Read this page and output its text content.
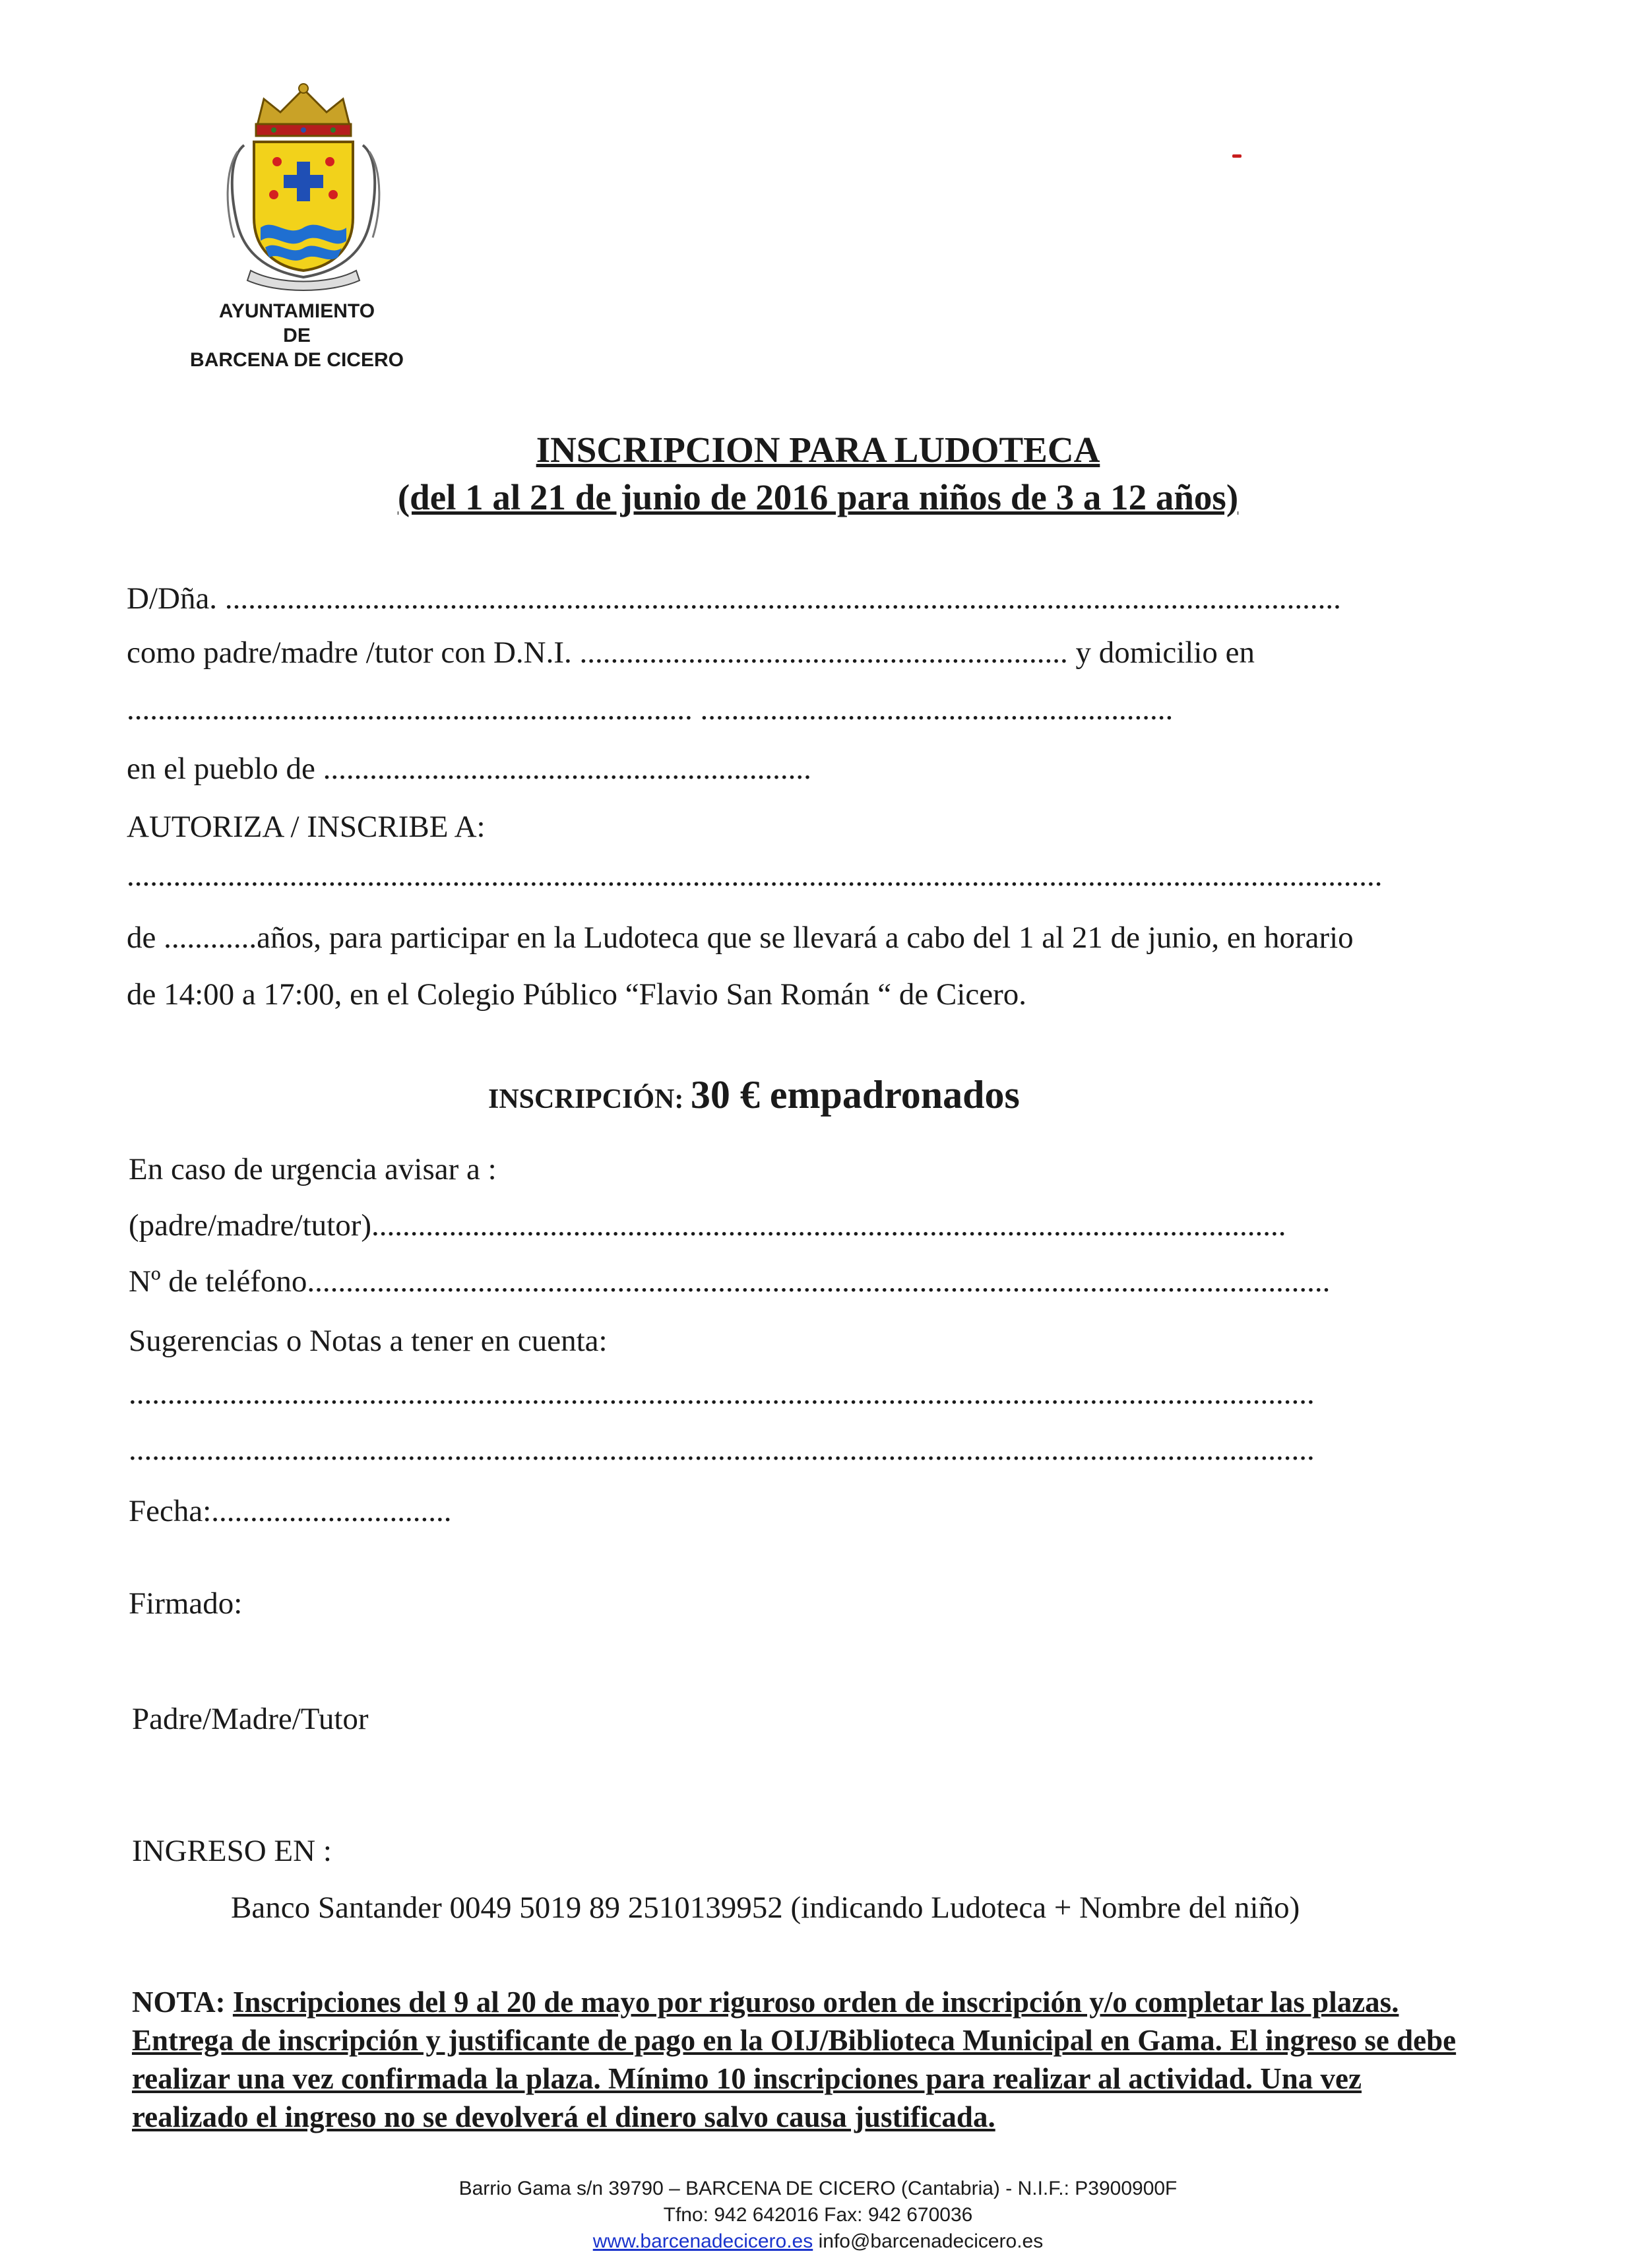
AYUNTAMIENTO
DE
BARCENA DE CICERO
INSCRIPCION PARA LUDOTECA
(del 1 al 21 de junio de 2016 para niños de 3 a 12 años)
D/Dña. ................................................................................................................................................
como padre/madre /tutor con D.N.I. ............................................................... y domicilio en
......................................................................... .............................................................
en el pueblo de ...............................................................
AUTORIZA / INSCRIBE A:
..................................................................................................................................................................
de ............años, para participar en la Ludoteca que se llevará a cabo del 1 al 21 de junio, en horario
de 14:00 a 17:00, en el Colegio Público “Flavio San Román “ de Cicero.
INSCRIPCIÓN: 30 € empadronados
En caso de urgencia avisar a :
(padre/madre/tutor)......................................................................................................................
Nº de teléfono....................................................................................................................................
Sugerencias o Notas a tener en cuenta:
.........................................................................................................................................................
.........................................................................................................................................................
Fecha:...............................
Firmado:
Padre/Madre/Tutor
INGRESO EN :
Banco Santander 0049 5019 89 2510139952 (indicando Ludoteca + Nombre del niño)
NOTA: Inscripciones del 9 al 20 de mayo por riguroso orden de inscripción y/o completar las plazas. Entrega de inscripción y justificante de pago en la OIJ/Biblioteca Municipal en Gama. El ingreso se debe realizar una vez confirmada la plaza. Mínimo 10 inscripciones para realizar al actividad. Una vez realizado el ingreso no se devolverá el dinero salvo causa justificada.
Barrio Gama s/n 39790 – BARCENA DE CICERO (Cantabria) - N.I.F.: P3900900F
Tfno: 942 642016 Fax: 942 670036
www.barcenadecicero.es info@barcenadecicero.es
